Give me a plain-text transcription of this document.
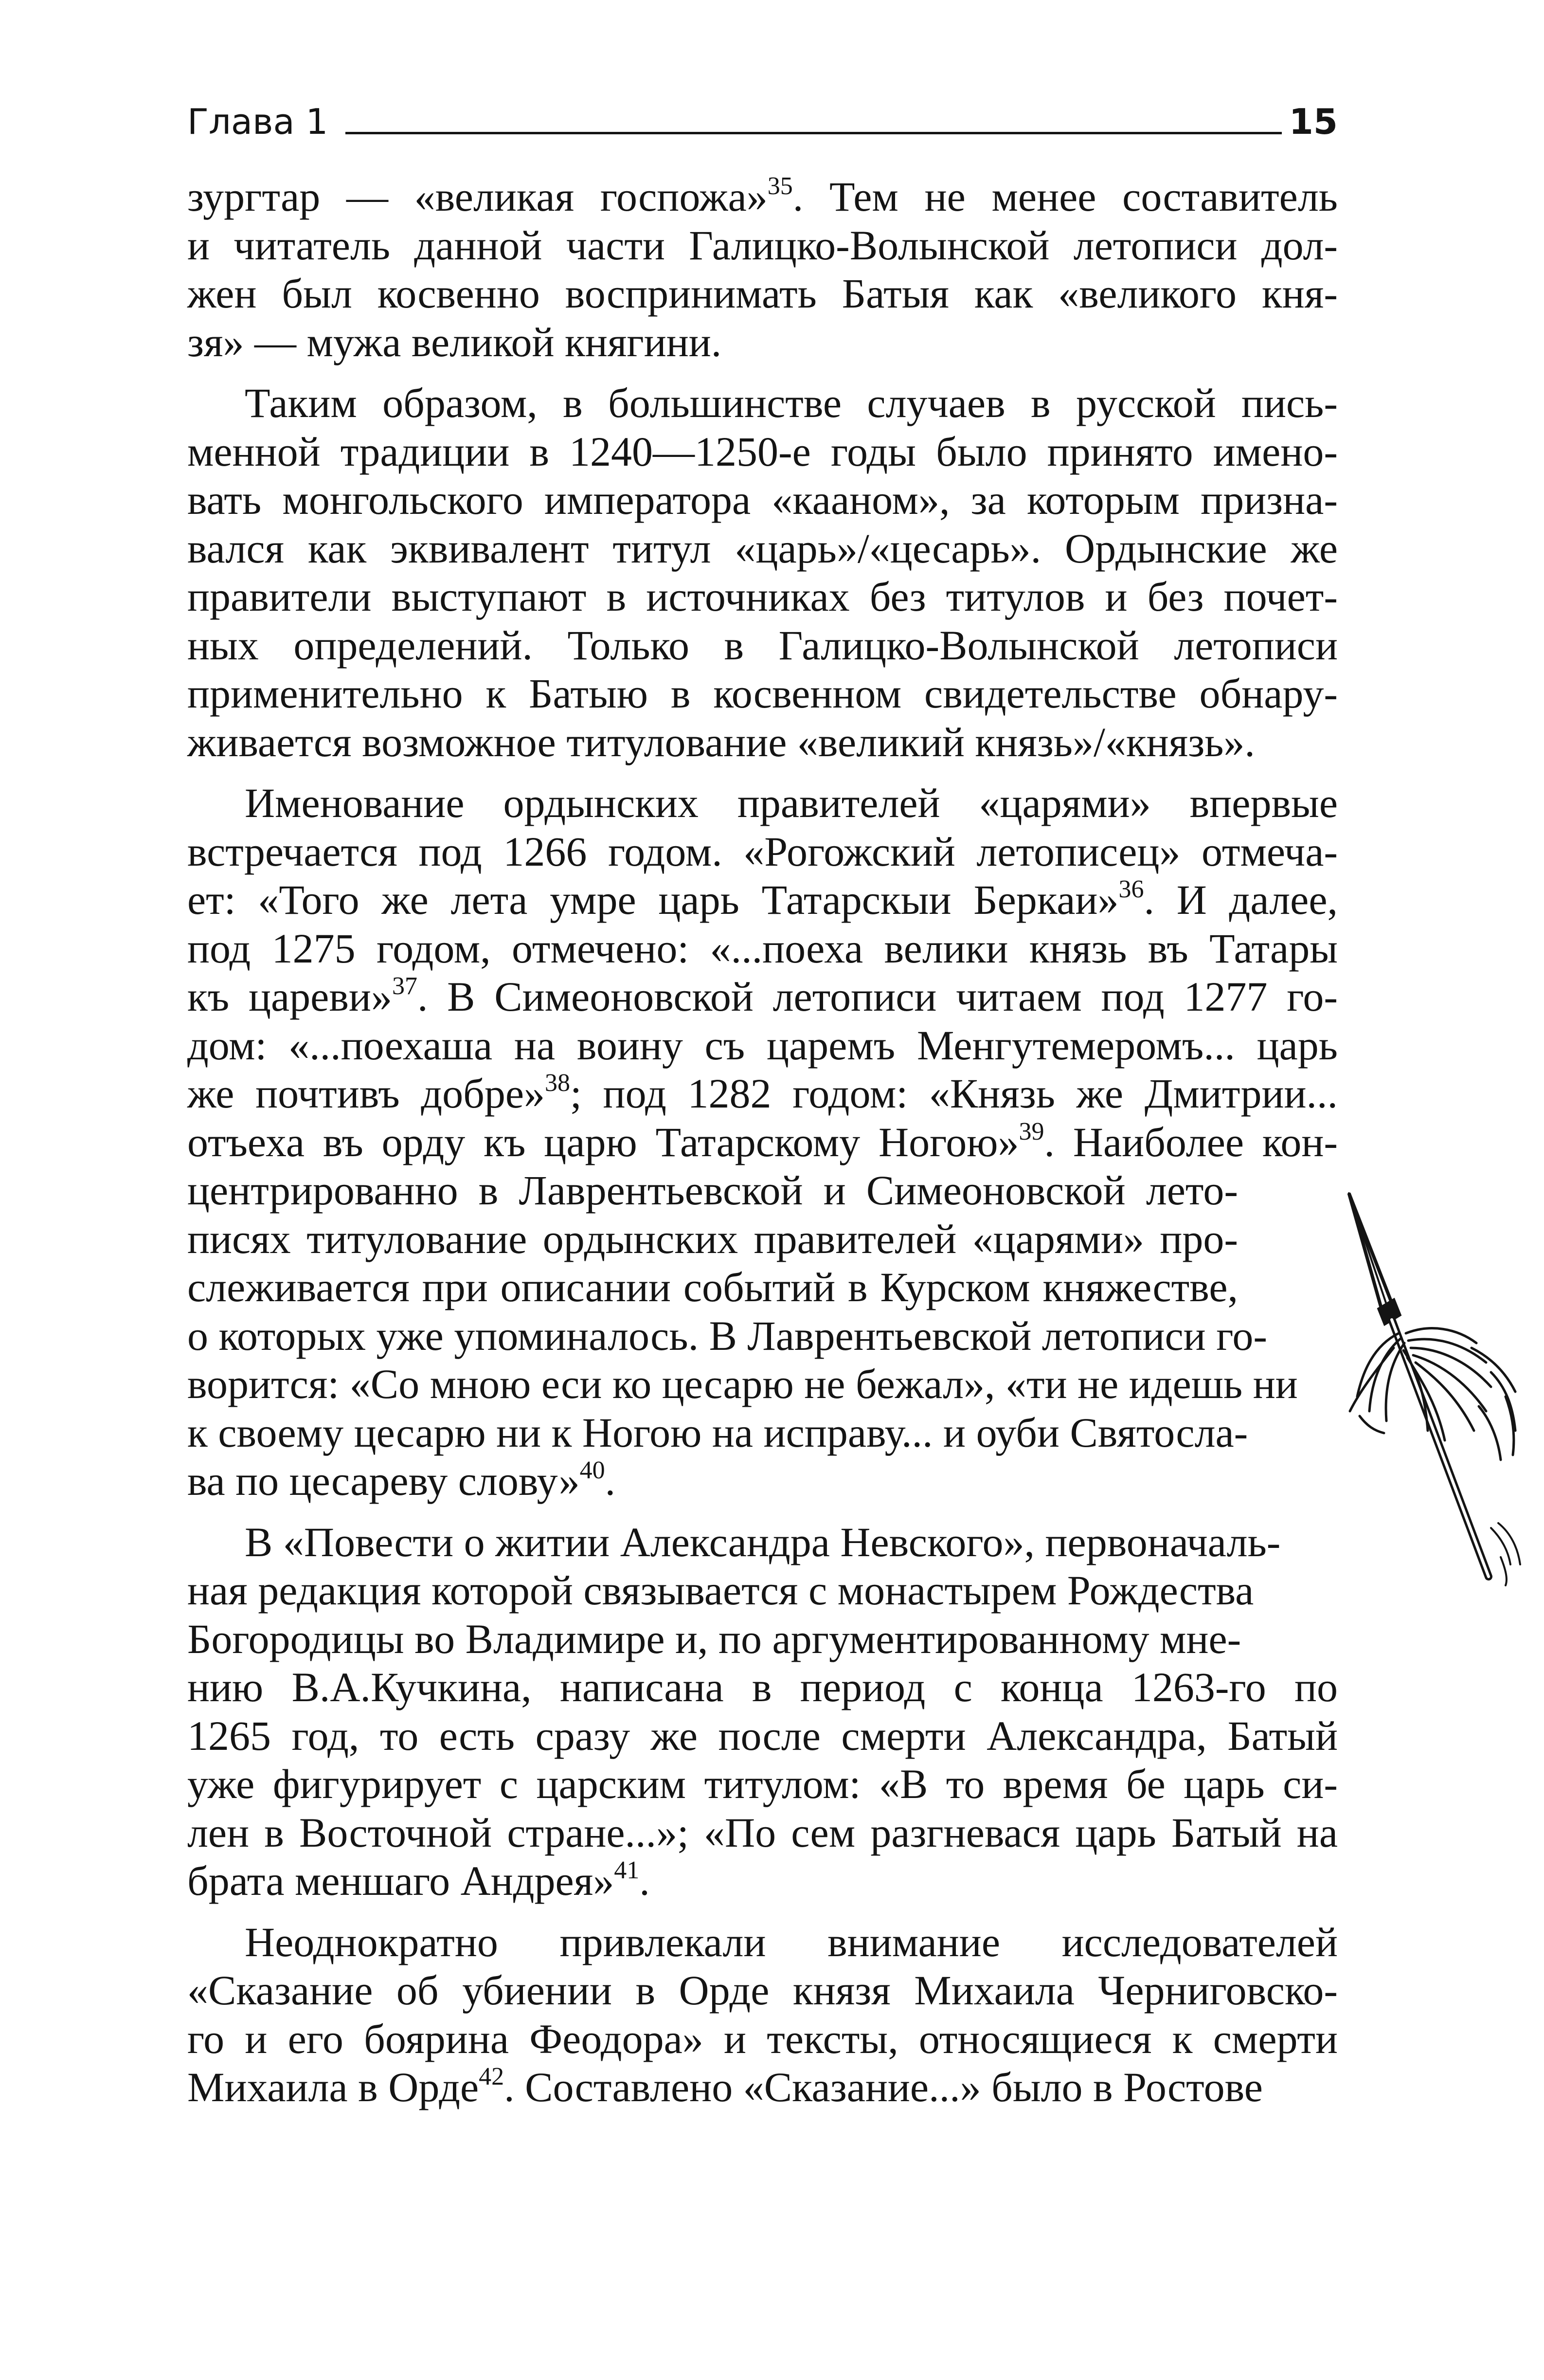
Глава 1	15
зургтар — «великая госпожа»$^{35}$. Тем не менее составитель
и читатель данной части Галицко-Волынской летописи дол-
жен был косвенно воспринимать Батыя как «великого кня-
зя» — мужа великой княгини.
Таким образом, в большинстве случаев в русской пись-
менной традиции в 1240—1250-е годы было принято имено-
вать монгольского императора «кааном», за которым призна-
вался как эквивалент титул «царь»/«цесарь». Ордынские же
правители выступают в источниках без титулов и без почет-
ных определений. Только в Галицко-Волынской летописи
применительно к Батыю в косвенном свидетельстве обнару-
живается возможное титулование «великий князь»/«князь».
Именование ордынских правителей «царями» впервые
встречается под 1266 годом. «Рогожский летописец» отмеча-
ет: «Того же лета умре царь Татарскыи Беркаи»$^{36}$. И далее,
под 1275 годом, отмечено: «...поеха велики князь въ Татары
къ цареви»$^{37}$. В Симеоновской летописи читаем под 1277 го-
дом: «...поехаша на воину съ царемъ Менгутемеромъ... царь
же почтивъ добре»$^{38}$; под 1282 годом: «Князь же Дмитрии...
отъеха въ орду къ царю Татарскому Ногою»$^{39}$. Наиболее кон-
центрированно в Лаврентьевской и Симеоновской лето-
писях титулование ордынских правителей «царями» про-
слеживается при описании событий в Курском княжестве,
о которых уже упоминалось. В Лаврентьевской летописи го-
ворится: «Со мною еси ко цесарю не бежал», «ти не идешь ни
к своему цесарю ни к Ногою на исправу... и оуби Святосла-
ва по цесареву слову»$^{40}$.
В «Повести о житии Александра Невского», первоначаль-
ная редакция которой связывается с монастырем Рождества
Богородицы во Владимире и, по аргументированному мне-
нию В.А.Кучкина, написана в период с конца 1263-го по
1265 год, то есть сразу же после смерти Александра, Батый
уже фигурирует с царским титулом: «В то время бе царь си-
лен в Восточной стране...»; «По сем разгневася царь Батый на
брата меншаго Андрея»$^{41}$.
Неоднократно привлекали внимание исследователей
«Сказание об убиении в Орде князя Михаила Черниговско-
го и его боярина Феодора» и тексты, относящиеся к смерти
Михаила в Орде$^{42}$. Составлено «Сказание...» было в Ростове
